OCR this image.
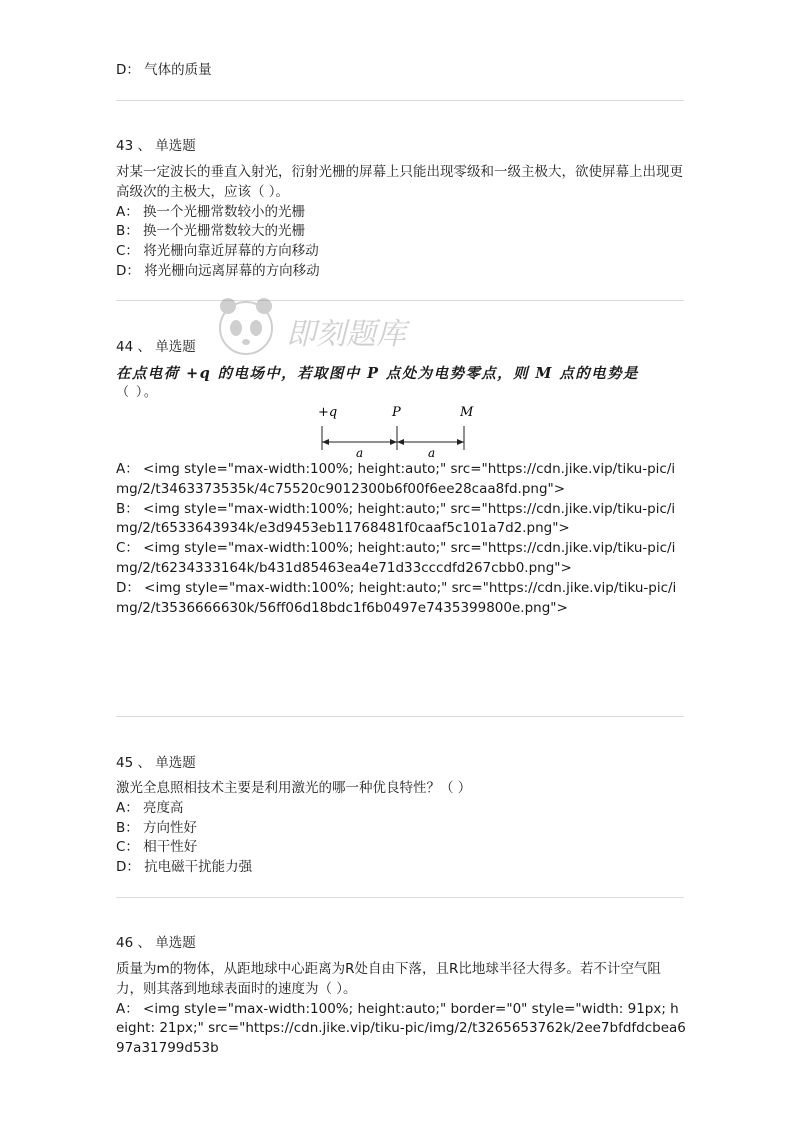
D： 气体的质量
43 、 单选题
对某一定波长的垂直入射光，衍射光栅的屏幕上只能出现零级和一级主极大，欲使屏幕上出现更高级次的主极大，应该（ ）。
A： 换一个光栅常数较小的光栅
B： 换一个光栅常数较大的光栅
C： 将光栅向靠近屏幕的方向移动
D： 将光栅向远离屏幕的方向移动
44 、 单选题
在点电荷 +q 的电场中，若取图中 P 点处为电势零点，则 M 点的电势是
（ ）。
+q	P	M
a	a
A： <img style="max-width:100%; height:auto;" src="https://cdn.jike.vip/tiku-pic/img/2/t3463373535k/4c75520c9012300b6f00f6ee28caa8fd.png">
B： <img style="max-width:100%; height:auto;" src="https://cdn.jike.vip/tiku-pic/img/2/t6533643934k/e3d9453eb11768481f0caaf5c101a7d2.png">
C： <img style="max-width:100%; height:auto;" src="https://cdn.jike.vip/tiku-pic/img/2/t6234333164k/b431d85463ea4e71d33cccdfd267cbb0.png">
D： <img style="max-width:100%; height:auto;" src="https://cdn.jike.vip/tiku-pic/img/2/t3536666630k/56ff06d18bdc1f6b0497e7435399800e.png">
45 、 单选题
激光全息照相技术主要是利用激光的哪一种优良特性？（ ）
A： 亮度高
B： 方向性好
C： 相干性好
D： 抗电磁干扰能力强
46 、 单选题
质量为m的物体，从距地球中心距离为R处自由下落，且R比地球半径大得多。若不计空气阻力，则其落到地球表面时的速度为（ ）。
A： <img style="max-width:100%; height:auto;" border="0" style="width: 91px; height: 21px;" src="https://cdn.jike.vip/tiku-pic/img/2/t3265653762k/2ee7bfdfdcbea697a31799d53b
即刻题库
